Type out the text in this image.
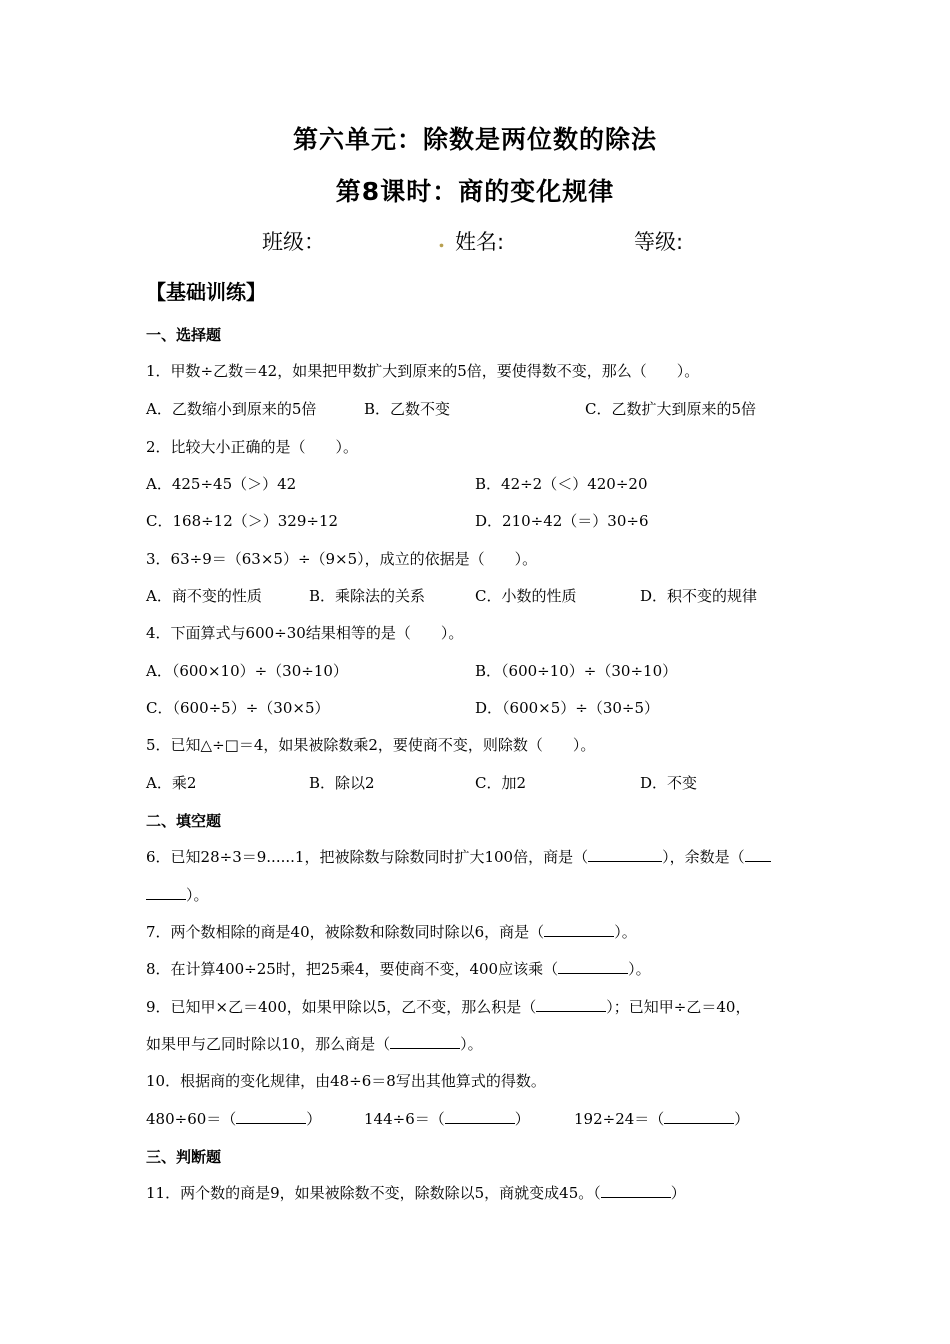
第六单元：除数是两位数的除法
第8课时：商的变化规律
班级：	. 姓名:	等级:
【基础训练】
一、选择题
1．甲数÷乙数＝42，如果把甲数扩大到原来的5倍，要使得数不变，那么（　　）。
A．乙数缩小到原来的5倍	B．乙数不变	C．乙数扩大到原来的5倍
2．比较大小正确的是（　　）。
A．425÷45（＞）42	B．42÷2（＜）420÷20
C．168÷12（＞）329÷12	D．210÷42（＝）30÷6
3．63÷9＝（63×5）÷（9×5），成立的依据是（　　）。
A．商不变的性质	B．乘除法的关系	C．小数的性质	D．积不变的规律
4．下面算式与600÷30结果相等的是（　　）。
A．（600×10）÷（30÷10）	B．（600÷10）÷（30÷10）
C．（600÷5）÷（30×5）	D．（600×5）÷（30÷5）
5．已知△÷□＝4，如果被除数乘2，要使商不变，则除数（　　）。
A．乘2	B．除以2	C．加2	D．不变
二、填空题
6．已知28÷3＝9......1，把被除数与除数同时扩大100倍，商是（	），余数是（
）。
7．两个数相除的商是40，被除数和除数同时除以6，商是（	）。
8．在计算400÷25时，把25乘4，要使商不变，400应该乘（	）。
9．已知甲×乙＝400，如果甲除以5，乙不变，那么积是（	）；已知甲÷乙＝40，
如果甲与乙同时除以10，那么商是（	）。
10．根据商的变化规律，由48÷6＝8写出其他算式的得数。
480÷60＝（	）	144÷6＝（	）	192÷24＝（	）
三、判断题
11．两个数的商是9，如果被除数不变，除数除以5，商就变成45。（	）
